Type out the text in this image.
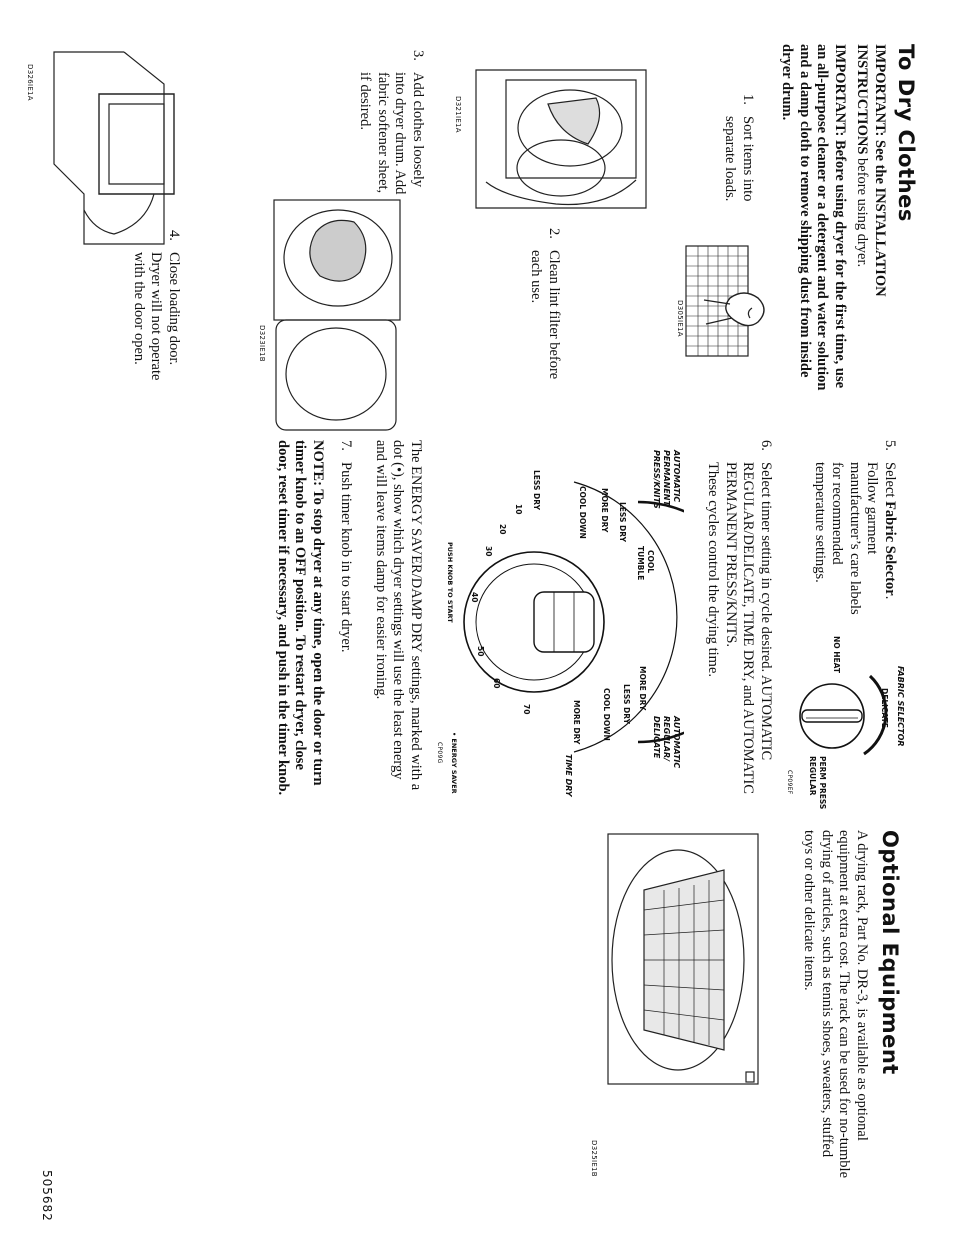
To Dry Clothes

IMPORTANT: See the INSTALLATION INSTRUCTIONS before using dryer.

IMPORTANT: Before using dryer for the first time, use an all-purpose cleaner or a detergent and water solution and a damp cloth to remove shipping dust from inside dryer drum.

1.
Sort items into separate loads.
D305IE1A
D321IE1A
2.
Clean lint filter before each use.
3.
Add clothes loosely into dryer drum. Add fabric softener sheet, if desired.
D323IE1B
D326IE1A
4.
Close loading door. Dryer will not operate with the door open.
5.
Select Fabric Selector. Follow garment manufacturer’s care labels for recommended temperature settings.
FABRIC SELECTOR
DELICATE
NO HEAT
PERM PRESS
REGULAR
CP09EF
6.
Select timer setting in cycle desired. AUTOMATIC REGULAR/DELICATE, TIME DRY, and AUTOMATIC PERMANENT PRESS/KNITS.
These cycles control the drying time.
AUTOMATIC
PERMANENT
PRESS/KNITS
AUTOMATIC
REGULAR/
DELICATE
TIME DRY
COOL
TUMBLE
LESS DRY
MORE DRY
COOL DOWN
MORE DRY
LESS DRY
COOL DOWN
10
20
30
40
50
60
70	MORE DRY
LESS DRY
PUSH KNOB TO START
• ENERGY SAVER
CP09G

The ENERGY SAVER/DAMP DRY settings, marked with a dot (•), show which dryer settings will use the least energy and will leave items damp for easier ironing.

7.
Push timer knob in to start dryer.

NOTE: To stop dryer at any time, open the door or turn timer knob to an OFF position. To restart dryer, close door, reset timer if necessary, and push in the timer knob.

Optional Equipment

A drying rack, Part No. DR-3, is available as optional equipment at extra cost. The rack can be used for no-tumble drying of articles, such as tennis shoes, sweaters, stuffed toys or other delicate items.

D325IE1B
505682
